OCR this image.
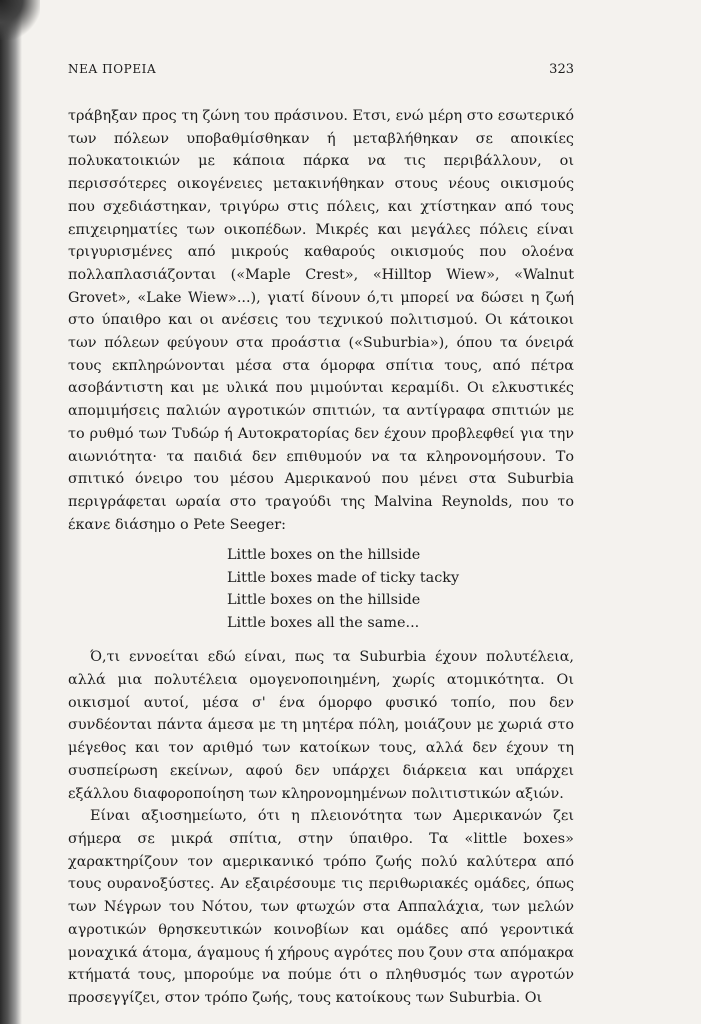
ΝΕΑ ΠΟΡΕΙΑ	323

τράβηξαν προς τη ζώνη του πράσινου. Ετσι, ενώ μέρη στο εσωτερικό των πόλεων υποβαθμίσθηκαν ή μεταβλήθηκαν σε αποικίες πολυκατοικιών με κάποια πάρκα να τις περιβάλλουν, οι περισσότερες οικογένειες μετακινήθηκαν στους νέους οικισμούς που σχεδιάστηκαν, τριγύρω στις πόλεις, και χτίστηκαν από τους επιχειρηματίες των οικοπέδων. Μικρές και μεγάλες πόλεις είναι τριγυρισμένες από μικρούς καθαρούς οικισμούς που ολοένα πολλαπλασιάζονται («Maple Crest», «Hilltop Wiew», «Walnut Grovet», «Lake Wiew»...), γιατί δίνουν ό,τι μπορεί να δώσει η ζωή στο ύπαιθρο και οι ανέσεις του τεχνικού πολιτισμού. Οι κάτοικοι των πόλεων φεύγουν στα προάστια («Suburbia»), όπου τα όνειρά τους εκπληρώνονται μέσα στα όμορφα σπίτια τους, από πέτρα ασοβάντιστη και με υλικά που μιμούνται κεραμίδι. Οι ελκυστικές απομιμήσεις παλιών αγροτικών σπιτιών, τα αντίγραφα σπιτιών με το ρυθμό των Τυδώρ ή Αυτοκρατορίας δεν έχουν προβλεφθεί για την αιωνιότητα· τα παιδιά δεν επιθυμούν να τα κληρονομήσουν. Το σπιτικό όνειρο του μέσου Αμερικανού που μένει στα Suburbia περιγράφεται ωραία στο τραγούδι της Malvina Reynolds, που το έκανε διάσημο ο Pete Seeger:

Little boxes on the hillside
Little boxes made of ticky tacky
Little boxes on the hillside
Little boxes all the same...

Ό,τι εννοείται εδώ είναι, πως τα Suburbia έχουν πολυτέλεια, αλλά μια πολυτέλεια ομογενοποιημένη, χωρίς ατομικότητα. Οι οικισμοί αυτοί, μέσα σ' ένα όμορφο φυσικό τοπίο, που δεν συνδέονται πάντα άμεσα με τη μητέρα πόλη, μοιάζουν με χωριά στο μέγεθος και τον αριθμό των κατοίκων τους, αλλά δεν έχουν τη συσπείρωση εκείνων, αφού δεν υπάρχει διάρκεια και υπάρχει εξάλλου διαφοροποίηση των κληρονομημένων πολιτιστικών αξιών.

Είναι αξιοσημείωτο, ότι η πλειονότητα των Αμερικανών ζει σήμερα σε μικρά σπίτια, στην ύπαιθρο. Τα «little boxes» χαρακτηρίζουν τον αμερικανικό τρόπο ζωής πολύ καλύτερα από τους ουρανοξύστες. Αν εξαιρέσουμε τις περιθωριακές ομάδες, όπως των Νέγρων του Νότου, των φτωχών στα Αππαλάχια, των μελών αγροτικών θρησκευτικών κοινοβίων και ομάδες από γεροντικά μοναχικά άτομα, άγαμους ή χήρους αγρότες που ζουν στα απόμακρα κτήματά τους, μπορούμε να πούμε ότι ο πληθυσμός των αγροτών προσεγγίζει, στον τρόπο ζωής, τους κατοίκους των Suburbia. Οι
